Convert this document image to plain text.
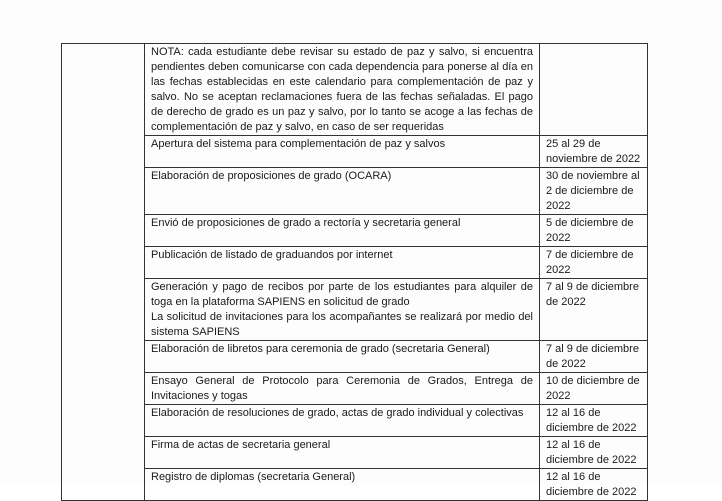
	NOTA: cada estudiante debe revisar su estado de paz y salvo, si encuentra pendientes deben comunicarse con cada dependencia para ponerse al día en las fechas establecidas en este calendario para complementación de paz y salvo. No se aceptan reclamaciones fuera de las fechas señaladas. El pago de derecho de grado es un paz y salvo, por lo tanto se acoge a las fechas de complementación de paz y salvo, en caso de ser requeridas	
	Apertura del sistema para complementación de paz y salvos	25 al 29 de noviembre de 2022
	Elaboración de proposiciones de grado (OCARA)	30 de noviembre al 2 de diciembre de 2022
	Envió de proposiciones de grado a rectoría y secretaria general	5 de diciembre de 2022
	Publicación de listado de graduandos por internet	7 de diciembre de 2022

	Generación y pago de recibos por parte de los estudiantes para alquiler de toga en la plataforma SAPIENS en solicitud de grado
La solicitud de invitaciones para los acompañantes se realizará por medio del sistema SAPIENS	7 al 9 de diciembre de 2022
	Elaboración de libretos para ceremonia de grado (secretaria General)	7 al 9 de diciembre de 2022
	Ensayo General de Protocolo para Ceremonia de Grados, Entrega de Invitaciones y togas	10 de diciembre de 2022
	Elaboración de resoluciones de grado, actas de grado individual y colectivas	12 al 16 de diciembre de 2022
	Firma de actas de secretaria general	12 al 16 de diciembre de 2022
	Registro de diplomas (secretaria General)	12 al 16 de diciembre de 2022
